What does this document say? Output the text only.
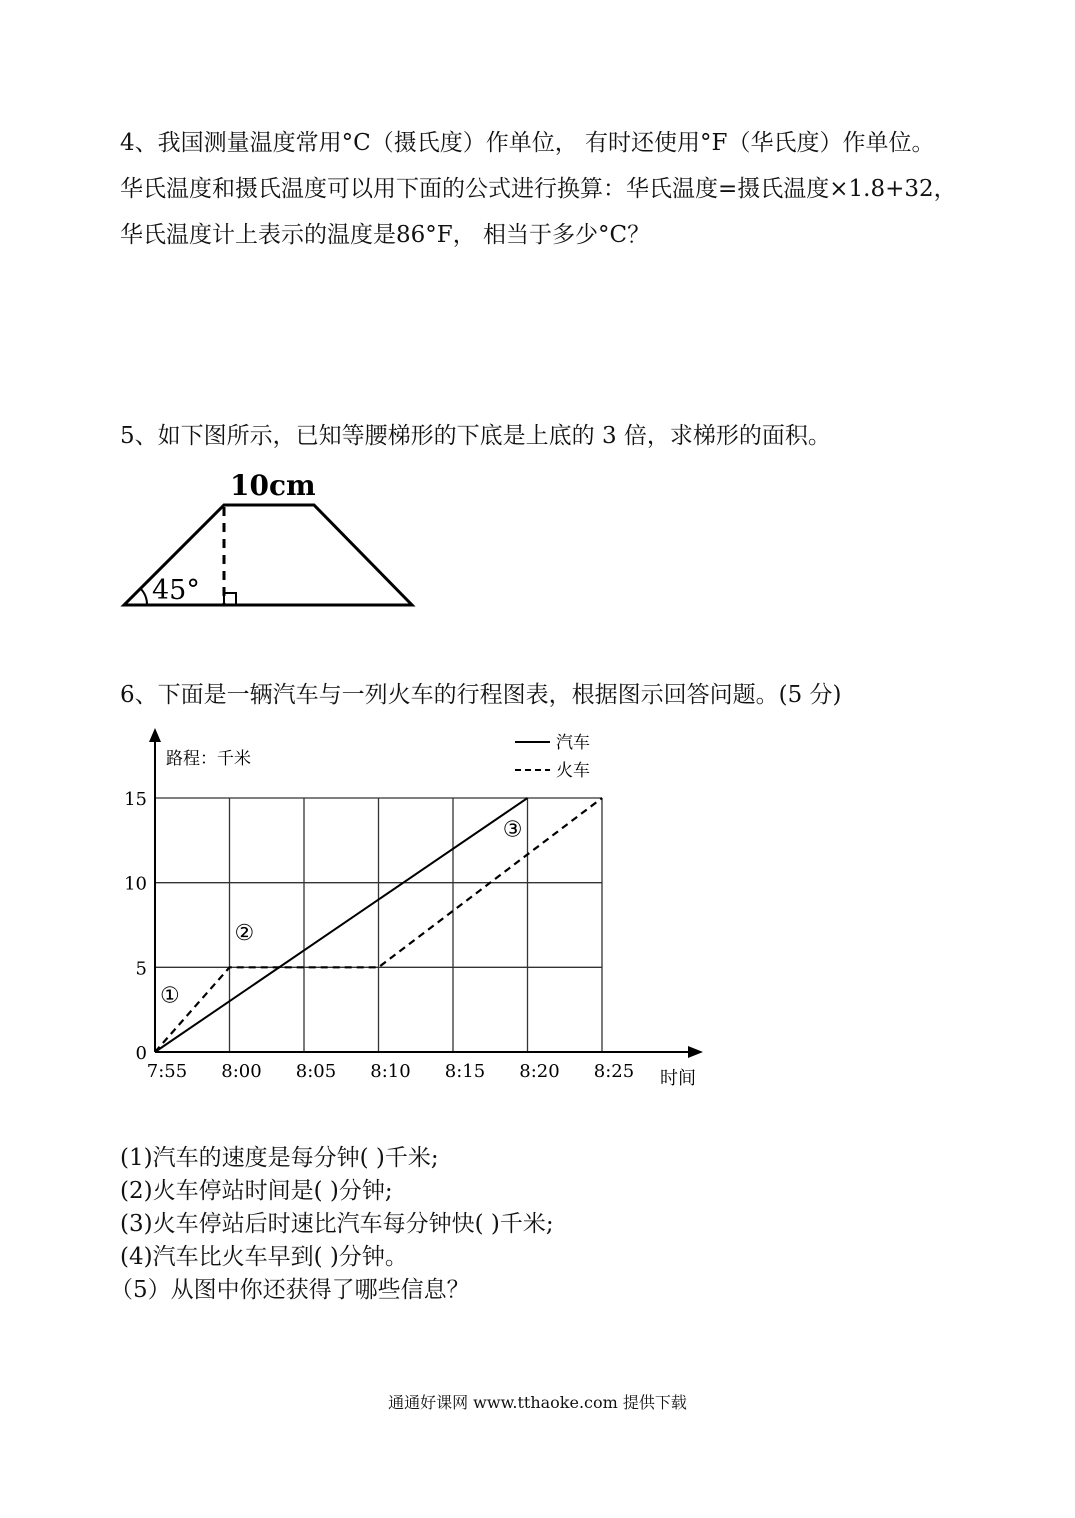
4、我国测量温度常用°C（摄氏度）作单位， 有时还使用°F（华氏度）作单位。 华氏温度和摄氏温度可以用下面的公式进行换算：华氏温度=摄氏温度×1.8+32，华氏温度计上表示的温度是86°F， 相当于多少°C？

5、如下图所示，已知等腰梯形的下底是上底的 3 倍，求梯形的面积。
10cm
45°
6、下面是一辆汽车与一列火车的行程图表，根据图示回答问题。(5 分)
7:55 8:00 8:05 8:10 8:15 8:20 8:25
0
5
10
15
路程：千米
时间
汽车
火车
①
②
③
(1)汽车的速度是每分钟( )千米;
(2)火车停站时间是( )分钟;
(3)火车停站后时速比汽车每分钟快( )千米;
(4)汽车比火车早到( )分钟。
（5）从图中你还获得了哪些信息？
通通好课网 www.tthaoke.com 提供下载
